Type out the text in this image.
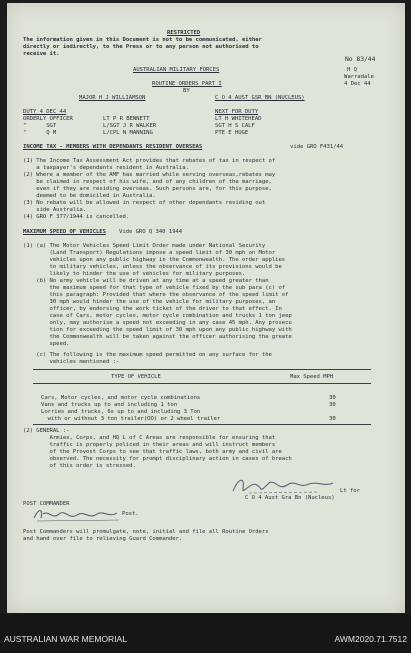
RESTRICTED
The information given in this Document is not to be communicated, either
directly or indirectly, to the Press or to any person not authorised to
receive it.
No 83/44
AUSTRALIAN MILITARY FORCES	H Q
Warradale
ROUTINE ORDERS PART I	4 Dec 44
BY
MAJOR H J WILLIAMSON	C O 4 AUST GSR BN (NUCLEUS)
DUTY 4 DEC 44	NEXT FOR DUTY
ORDERLY OFFICER	LT P R BENNETT	LT H WHITEHEAD
"      SGT	L/SGT J R WALKER	SGT H S CALF
"      Q M	L/CPL N MANNING	PTE E HUGE
INCOME TAX - MEMBERS WITH DEPENDANTS RESIDENT OVERSEAS	vide GRO F431/44
(1) The Income Tax Assessment Act provides that rebates of tax in respect of
a taxpayer's dependants resident in Australia.
(2) Where a member of the AMF has married while serving overseas,rebates may
be claimed in respect of his wife, and of any children of the marriage,
even if they are residing overseas. Such persons are, for this purpose,
deemed to be domiciled in Australia.
(3) No rebate will be allowed in respect of other dependants residing out
side Australia.
(4) GRO F 377/1944 is cancelled.
MAXIMUM SPEED OF VEHICLES Vide GRO Q 340 1944
(1) (a) The Motor Vehicles Speed Limit Order made under National Security
(Land Transport) Regulations impose a speed limit of 30 mph on Motor
vehicles upon any public highway in the Commonwealth. The order applies
to military vehicles, unless the observance of its provisions would be
likely to hinder the use of vehicles for military purposes.
(b) No army vehicle will be driven at any time at a speed greater than
the maximum speed for that type of vehicle fixed by the sub para (c) of
this paragraph: Provided that where the observance of the speed limit of
30 mph would hinder the use of the vehicle for military purposes, an
officer, by endorsing the work ticket of the driver to that effect. In
case of Cars, motor cycles, motor cycle combination and trucks 1 ton jeep
only, may authorise a speed not exceeding in any case 45 mph. Any prosecu
tion for exceeding the speed limit of 30 mph upon any public highway with
the Commonwealth will be taken against the officer authorising the greate
speed.
(c) The following is the maximum speed permitted on any surface for the
vehicles mentioned :-
TYPE OF VEHICLE	Max Speed MPH
Cars, Motor cycles, and motor cycle combinations	30
Vans and trucks up to and including 1 ton	30
Lorries and trucks, 6s up to and including 3 Ton
with or without 3 ton trailer(OO) or 2 wheel trailer	30
(2) GENERAL :-
Armies, Corps, and HQ L of C Areas are responsible for ensuring that
traffic is properly policed in their areas and will instruct members
of the Provost Corps to see that traffic laws, both army and civil are
observed. The necessity for prompt disciplinary action in cases of breach
of this order is stressed.
Lt for
C O 4 Aust Gra Bn (Nucleus)
POST COMMANDER
Post.
Post Commanders will promulgate, note, initial and file all Routine Orders
and hand over file to relieving Guard Commander.
AUSTRALIAN WAR MEMORIAL	AWM2020.71.7512
